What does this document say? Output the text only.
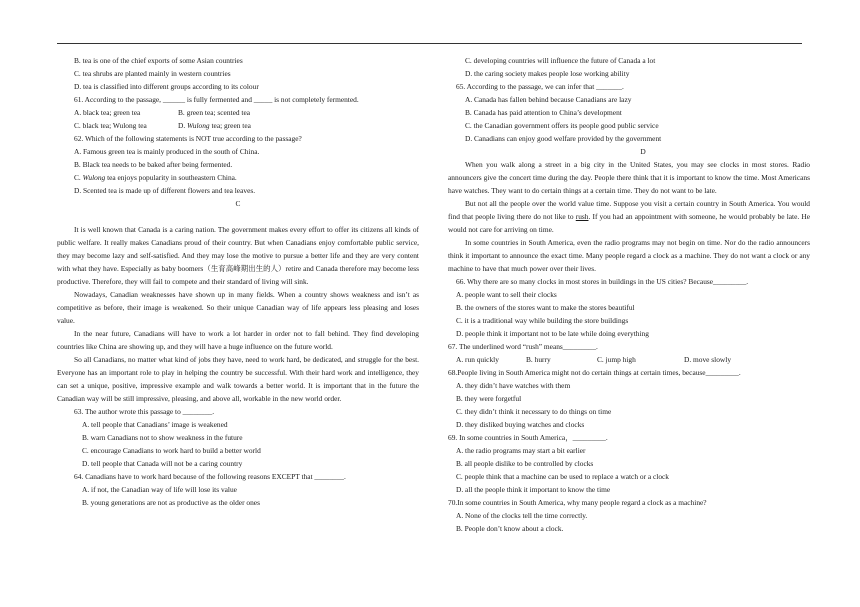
B. tea is one of the chief exports of some Asian countries

C. tea shrubs are planted mainly in western countries

D. tea is classified into different groups according to its colour

61. According to the passage, ______ is fully fermented and _____ is not completely fermented.

A. black tea; green tea	B. green tea; scented tea

C. black tea; Wulong tea	D. Wulong tea; green tea

62. Which of the following statements is NOT true according to the passage?

A. Famous green tea is mainly produced in the south of China.

B. Black tea needs to be baked after being fermented.

C. Wulong tea enjoys popularity in southeastern China.

D. Scented tea is made up of different flowers and tea leaves.

C

It is well known that Canada is a caring nation. The government makes every effort to offer its citizens all kinds of public welfare. It really makes Canadians proud of their country. But when Canadians enjoy comfortable public service, they may become lazy and self-satisfied. And they may lose the motive to pursue a better life and they are very content with what they have. Especially as baby boomers（生育高峰期出生的人）retire and Canada therefore may become less productive. Therefore, they will fail to compete and their standard of living will sink.

Nowadays, Canadian weaknesses have shown up in many fields. When a country shows weakness and isn’t as competitive as before, their image is weakened. So their unique Canadian way of life appears less pleasing and loses value.

In the near future, Canadians will have to work a lot harder in order not to fall behind. They find developing countries like China are showing up, and they will have a huge influence on the future world.

So all Canadians, no matter what kind of jobs they have, need to work hard, be dedicated, and struggle for the best. Everyone has an important role to play in helping the country be successful. With their hard work and intelligence, they can set a unique, positive, impressive example and walk towards a better world. It is important that in the future the Canadian way will be still impressive, pleasing, and above all, workable in the new world order.

63. The author wrote this passage to ________.

A. tell people that Canadians’ image is weakened

B. warn Canadians not to show weakness in the future

C. encourage Canadians to work hard to build a better world

D. tell people that Canada will not be a caring country

64. Canadians have to work hard because of the following reasons EXCEPT that ________.

A. if not, the Canadian way of life will lose its value

B. young generations are not as productive as the older ones

C. developing countries will influence the future of Canada a lot

D. the caring society makes people lose working ability

65. According to the passage, we can infer that _______.

A. Canada has fallen behind because Canadians are lazy

B. Canada has paid attention to China’s development

C. the Canadian government offers its people good public service

D. Canadians can enjoy good welfare provided by the government

D

When you walk along a street in a big city in the United States, you may see clocks in most stores. Radio announcers give the concert time during the day. People there think that it is important to know the time. Most Americans have watches. They want to do certain things at a certain time. They do not want to be late.

But not all the people over the world value time. Suppose you visit a certain country in South America. You would find that people living there do not like to rush. If you had an appointment with someone, he would probably be late. He would not care for arriving on time.

In some countries in South America, even the radio programs may not begin on time. Nor do the radio announcers think it important to announce the exact time. Many people regard a clock as a machine. They do not want a clock or any machine to have that much power over their lives.

66. Why there are so many clocks in most stores in buildings in the US cities? Because_________.

A. people want to sell their clocks

B. the owners of the stores want to make the stores beautiful

C. it is a traditional way while building the store buildings

D. people think it important not to be late while doing everything

67. The underlined word “rush” means_________.

A. run quickly	B. hurry	C. jump high	D. move slowly

68.People living in South America might not do certain things at certain times, because_________.

A. they didn’t have watches with them

B. they were forgetful

C. they didn’t think it necessary to do things on time

D. they disliked buying watches and clocks

69. In some countries in South America，_________.

A. the radio programs may start a bit earlier

B. all people dislike to be controlled by clocks

C. people think that a machine can be used to replace a watch or a clock

D. all the people think it important to know the time

70.In some countries in South America, why many people regard a clock as a machine?

A. None of the clocks tell the time correctly.

B. People don’t know about a clock.
